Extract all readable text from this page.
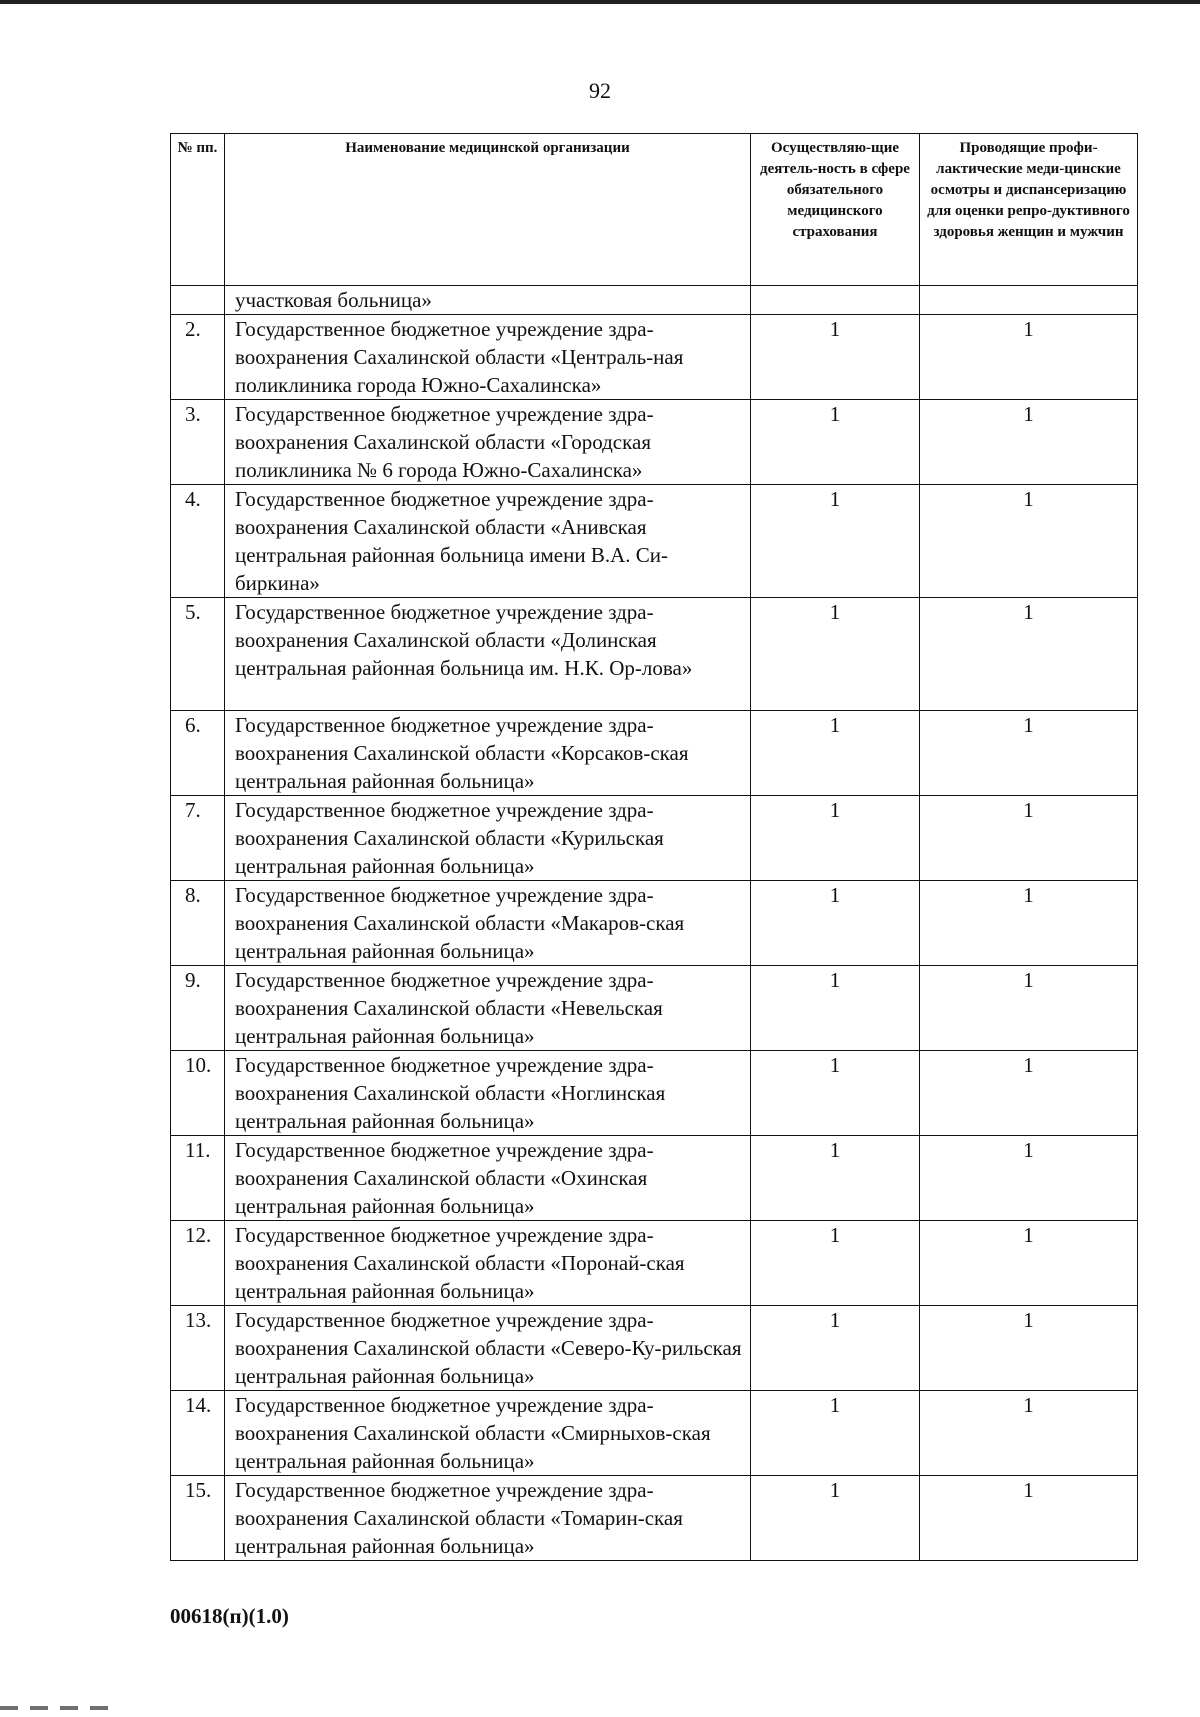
92
№ пп.	Наименование медицинской организации	Осуществляю-щие деятель-ность в сфере обязательного медицинского страхования	Проводящие профи-лактические меди-цинские осмотры и диспансеризацию для оценки репро-дуктивного здоровья женщин и мужчин
	участковая больница»		
2.	Государственное бюджетное учреждение здра-воохранения Сахалинской области «Централь-ная поликлиника города Южно-Сахалинска»	1	1
3.	Государственное бюджетное учреждение здра-воохранения Сахалинской области «Городская поликлиника № 6 города Южно-Сахалинска»	1	1
4.	Государственное бюджетное учреждение здра-воохранения Сахалинской области «Анивская центральная районная больница имени В.А. Си-биркина»	1	1
5.	Государственное бюджетное учреждение здра-воохранения Сахалинской области «Долинская центральная районная больница им. Н.К. Ор-лова»	1	1
6.	Государственное бюджетное учреждение здра-воохранения Сахалинской области «Корсаков-ская центральная районная больница»	1	1
7.	Государственное бюджетное учреждение здра-воохранения Сахалинской области «Курильская центральная районная больница»	1	1
8.	Государственное бюджетное учреждение здра-воохранения Сахалинской области «Макаров-ская центральная районная больница»	1	1
9.	Государственное бюджетное учреждение здра-воохранения Сахалинской области «Невельская центральная районная больница»	1	1
10.	Государственное бюджетное учреждение здра-воохранения Сахалинской области «Ноглинская центральная районная больница»	1	1
11.	Государственное бюджетное учреждение здра-воохранения Сахалинской области «Охинская центральная районная больница»	1	1
12.	Государственное бюджетное учреждение здра-воохранения Сахалинской области «Поронай-ская центральная районная больница»	1	1
13.	Государственное бюджетное учреждение здра-воохранения Сахалинской области «Северо-Ку-рильская центральная районная больница»	1	1
14.	Государственное бюджетное учреждение здра-воохранения Сахалинской области «Смирныхов-ская центральная районная больница»	1	1
15.	Государственное бюджетное учреждение здра-воохранения Сахалинской области «Томарин-ская центральная районная больница»	1	1
00618(п)(1.0)
